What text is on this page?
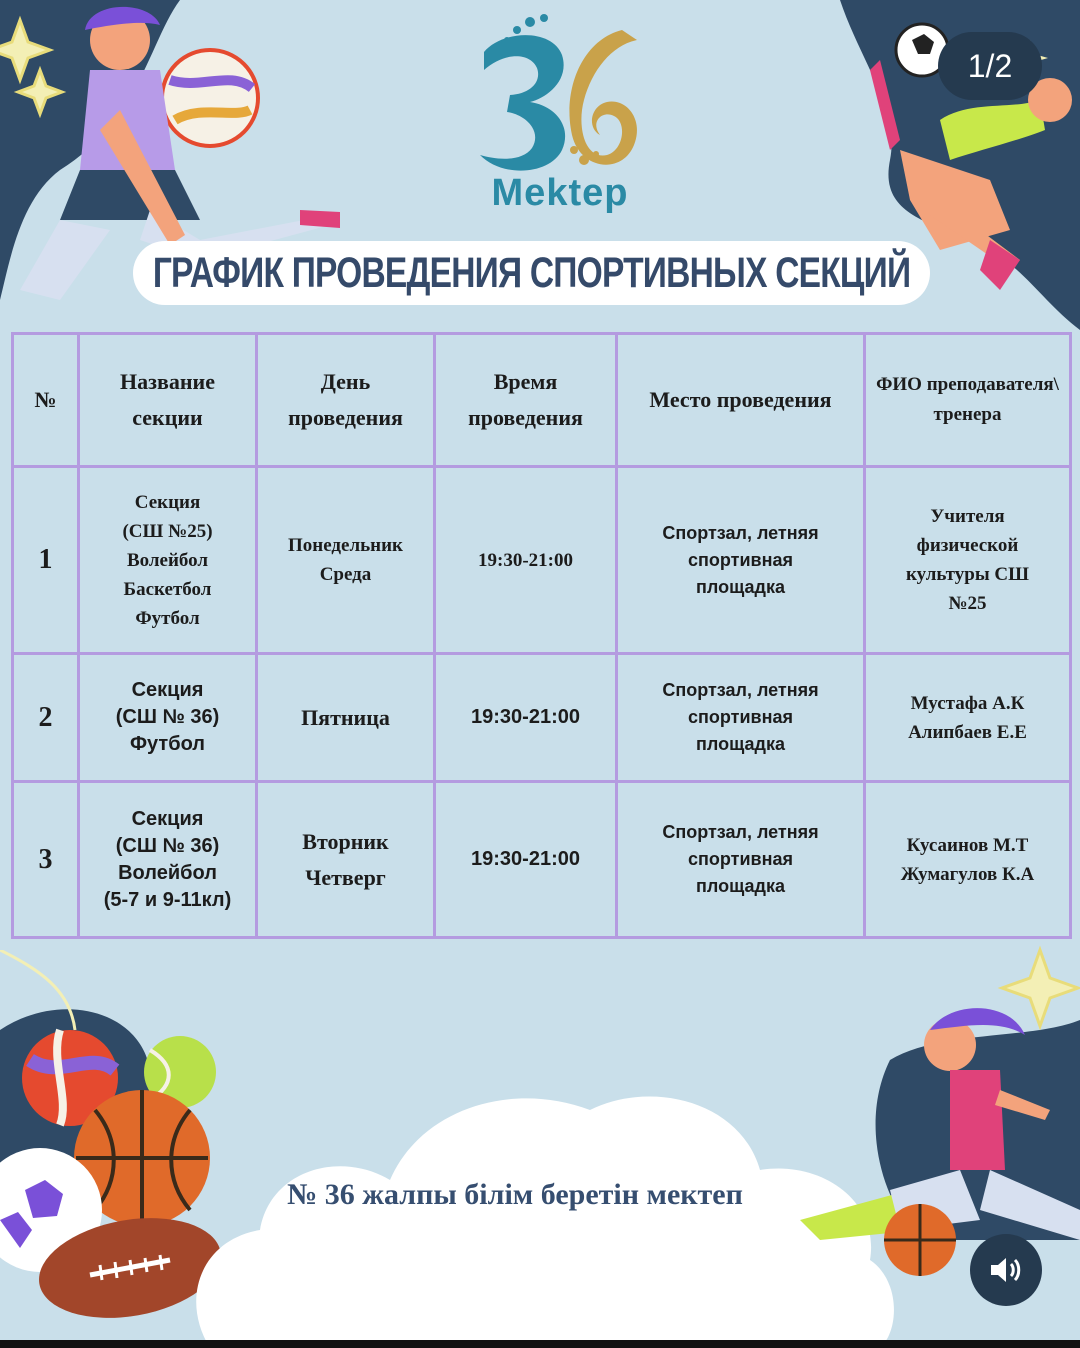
Mektep
1/2
ГРАФИК ПРОВЕДЕНИЯ СПОРТИВНЫХ СЕКЦИЙ
№	Название секции	День проведения	Время проведения	Место проведения	ФИО преподавателя\ тренера
1	Секция
(СШ №25)
Волейбол
Баскетбол
Футбол	Понедельник
Среда	19:30-21:00	Спортзал, летняя
спортивная
площадка	Учителя
физической
культуры СШ
№25
2	Секция
(СШ № 36)
Футбол	Пятница	19:30-21:00	Спортзал, летняя
спортивная
площадка	Мустафа А.К
Алипбаев Е.Е
3	Секция
(СШ № 36)
Волейбол
(5-7 и 9-11кл)	Вторник
Четверг	19:30-21:00	Спортзал, летняя
спортивная
площадка	Кусаинов М.Т
Жумагулов К.А
№ 36 жалпы білім беретін мектеп
